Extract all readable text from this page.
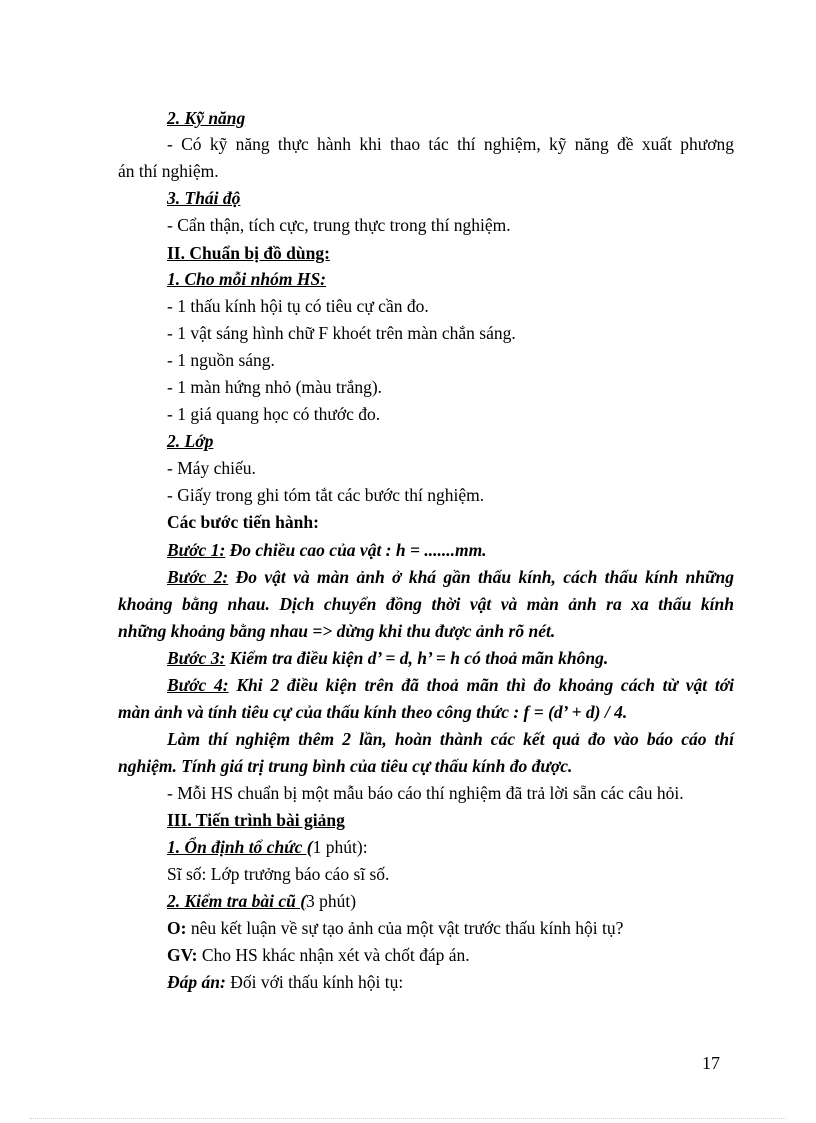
2. Kỹ năng
- Có kỹ năng thực hành khi thao tác thí nghiệm, kỹ năng đề xuất phương
án thí nghiệm.
3. Thái độ
- Cẩn thận, tích cực, trung thực trong thí nghiệm.
II. Chuẩn bị đồ dùng:
1. Cho mỗi nhóm HS:
- 1 thấu kính hội tụ có tiêu cự cần đo.
- 1 vật sáng hình chữ F khoét trên màn chắn sáng.
- 1 nguồn sáng.
- 1 màn hứng nhỏ (màu trắng).
- 1 giá quang học có thước đo.
2. Lớp
- Máy chiếu.
- Giấy trong ghi tóm tắt các bước thí nghiệm.
Các bước tiến hành:
Bước 1: Đo chiều cao của vật : h = .......mm.
Bước 2: Đo vật và màn ảnh ở khá gần thấu kính, cách thấu kính những
khoảng bằng nhau. Dịch chuyển đồng thời vật và màn ảnh ra xa thấu kính
những khoảng bằng nhau => dừng khi thu được ảnh rõ nét.
Bước 3: Kiểm tra điều kiện d’ = d, h’ = h có thoả mãn không.
Bước 4: Khi 2 điều kiện trên đã thoả mãn thì đo khoảng cách từ vật tới
màn ảnh và tính tiêu cự của thấu kính theo công thức : f = (d’ + d) / 4.
Làm thí nghiệm thêm 2 lần, hoàn thành các kết quả đo vào báo cáo thí
nghiệm. Tính giá trị trung bình của tiêu cự thấu kính đo được.
- Mỗi HS chuẩn bị một mẫu báo cáo thí nghiệm đã trả lời sẵn các câu hỏi.
III. Tiến trình bài giảng
1. Ổn định tổ chức (1 phút):
Sĩ số: Lớp trưởng báo cáo sĩ số.
2. Kiểm tra bài cũ (3 phút)
O: nêu kết luận về sự tạo ảnh của một vật trước thấu kính hội tụ?
GV: Cho HS khác nhận xét và chốt đáp án.
Đáp án: Đối với thấu kính hội tụ:
17
